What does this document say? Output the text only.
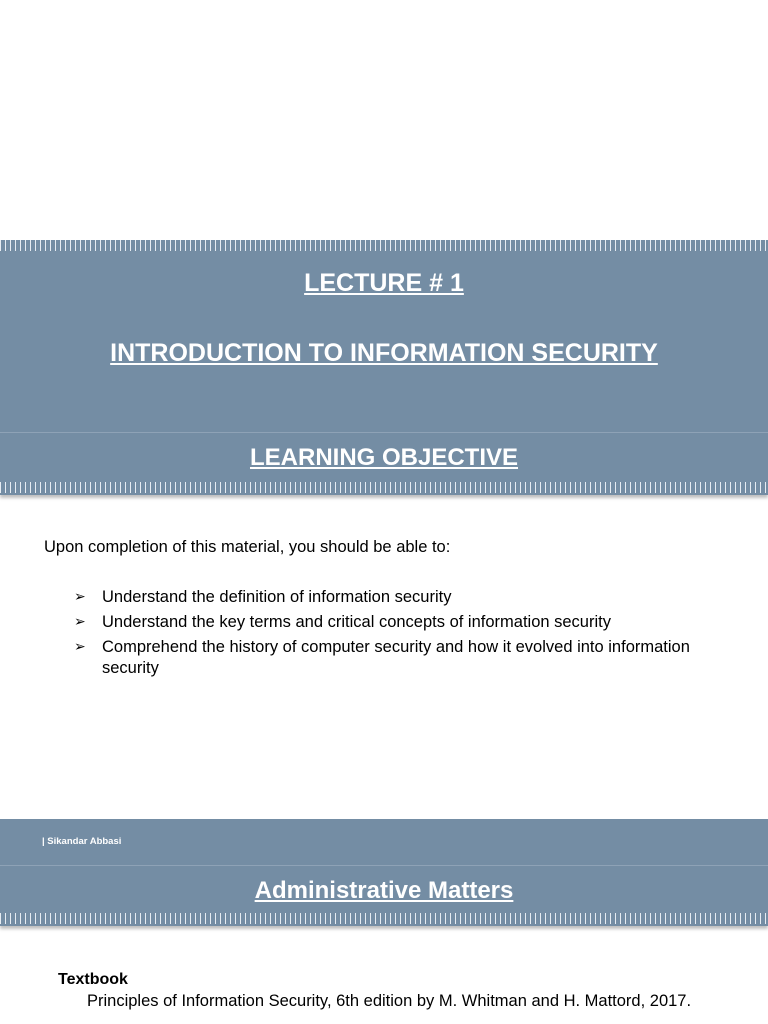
LECTURE # 1
INTRODUCTION TO INFORMATION SECURITY
LEARNING OBJECTIVE
Upon completion of this material, you should be able to:
➢ Understand the definition of information security
➢ Understand the key terms and critical concepts of information security
➢ Comprehend the history of computer security and how it evolved into information security
| Sikandar Abbasi
Administrative Matters
Textbook
Principles of Information Security, 6th edition by M. Whitman and H. Mattord, 2017.
